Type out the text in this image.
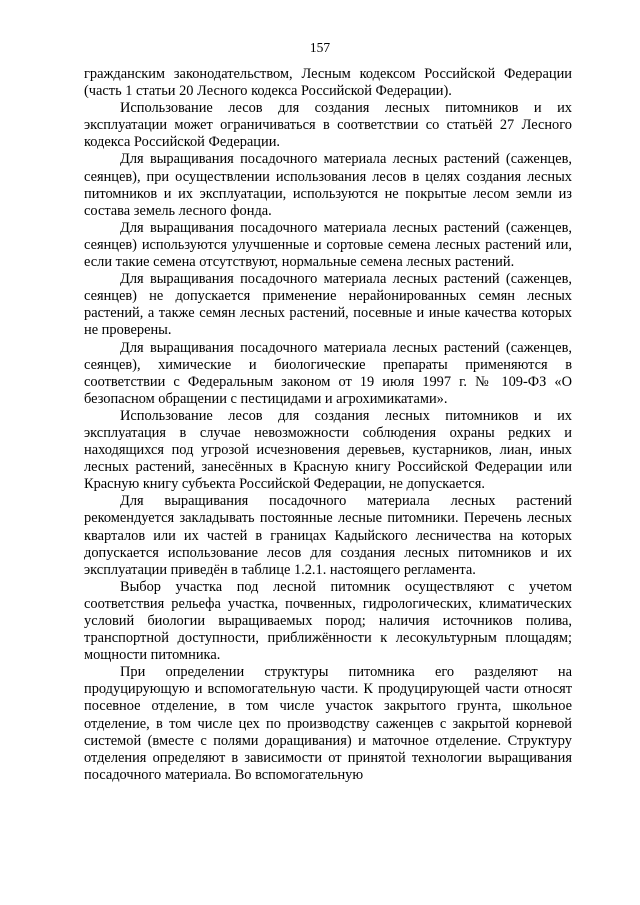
157

гражданским законодательством, Лесным кодексом Российской Федерации (часть 1 статьи 20 Лесного кодекса Российской Федерации).

Использование лесов для создания лесных питомников и их эксплуатации может ограничиваться в соответствии со статьёй 27 Лесного кодекса Российской Федерации.

Для выращивания посадочного материала лесных растений (саженцев, сеянцев), при осуществлении использования лесов в целях создания лесных питомников и их эксплуатации, используются не покрытые лесом земли из состава земель лесного фонда.

Для выращивания посадочного материала лесных растений (саженцев, сеянцев) используются улучшенные и сортовые семена лесных растений или, если такие семена отсутствуют, нормальные семена лесных растений.

Для выращивания посадочного материала лесных растений (саженцев, сеянцев) не допускается применение нерайонированных семян лесных растений, а также семян лесных растений, посевные и иные качества которых не проверены.

Для выращивания посадочного материала лесных растений (саженцев, сеянцев), химические и биологические препараты применяются в соответствии с Федеральным законом от 19 июля 1997 г. № 109-ФЗ «О безопасном обращении с пестицидами и агрохимикатами».

Использование лесов для создания лесных питомников и их эксплуатация в случае невозможности соблюдения охраны редких и находящихся под угрозой исчезновения деревьев, кустарников, лиан, иных лесных растений, занесённых в Красную книгу Российской Федерации или Красную книгу субъекта Российской Федерации, не допускается.

Для выращивания посадочного материала лесных растений рекомендуется закладывать постоянные лесные питомники. Перечень лесных кварталов или их частей в границах Кадыйского лесничества на которых допускается использование лесов для создания лесных питомников и их эксплуатации приведён в таблице 1.2.1. настоящего регламента.

Выбор участка под лесной питомник осуществляют с учетом соответствия рельефа участка, почвенных, гидрологических, климатических условий биологии выращиваемых пород; наличия источников полива, транспортной доступности, приближённости к лесокультурным площадям; мощности питомника.

При определении структуры питомника его разделяют на продуцирующую и вспомогательную части. К продуцирующей части относят посевное отделение, в том числе участок закрытого грунта, школьное отделение, в том числе цех по производству саженцев с закрытой корневой системой (вместе с полями доращивания) и маточное отделение. Структуру отделения определяют в зависимости от принятой технологии выращивания посадочного материала. Во вспомогательную
